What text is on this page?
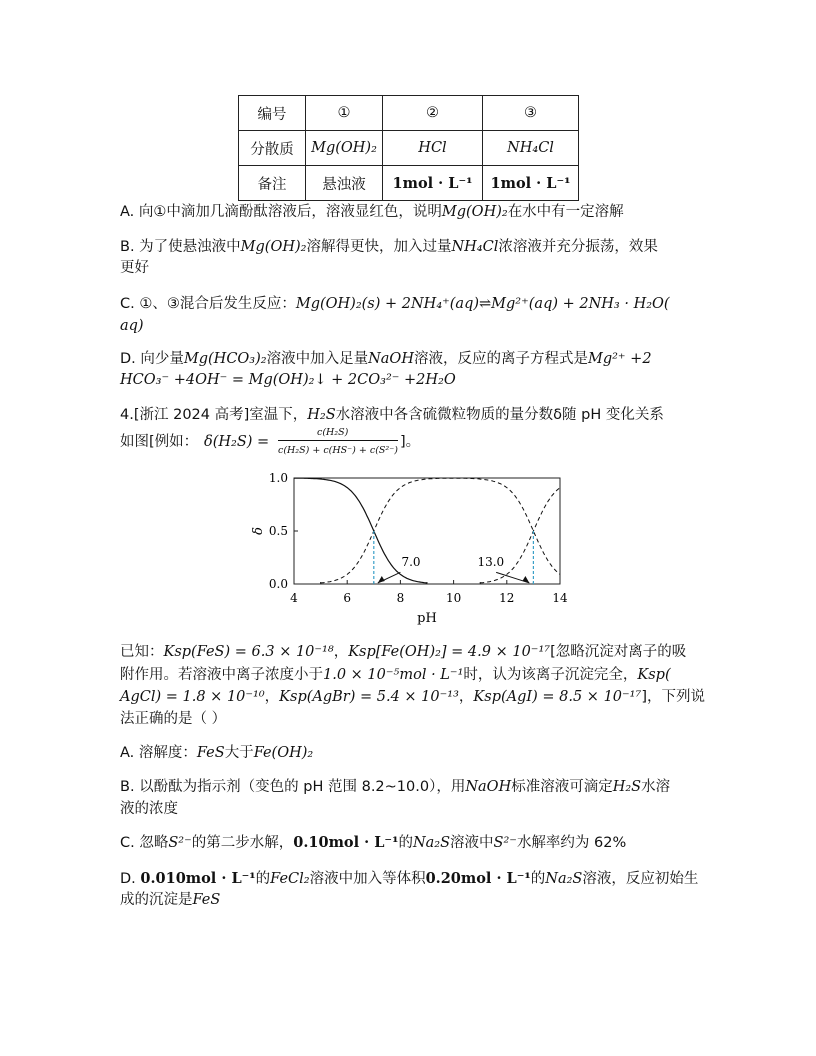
编号	①	②	③
分散质	Mg(OH)₂	HCl	NH₄Cl
备注	悬浊液	1mol · L⁻¹	1mol · L⁻¹
A. 向①中滴加几滴酚酞溶液后，溶液显红色，说明Mg(OH)₂在水中有一定溶解
B. 为了使悬浊液中Mg(OH)₂溶解得更快，加入过量NH₄Cl浓溶液并充分振荡，效果
更好
C. ①、③混合后发生反应：Mg(OH)₂(s) + 2NH₄⁺(aq)⇌Mg²⁺(aq) + 2NH₃ · H₂O(
aq)
D. 向少量Mg(HCO₃)₂溶液中加入足量NaOH溶液，反应的离子方程式是Mg²⁺ +2
HCO₃⁻ +4OH⁻ = Mg(OH)₂↓ + 2CO₃²⁻ +2H₂O
4.[浙江 2024 高考]室温下，H₂S水溶液中各含硫微粒物质的量分数δ随 pH 变化关系
如图[例如： δ(H₂S) =
c(H₂S)
c(H₂S) + c(HS⁻) + c(S²⁻)
]。
4	6	8	10	12	14
0.0
0.5
1.0
pH
δ
7.0	13.0
已知：Ksp(FeS) = 6.3 × 10⁻¹⁸，Ksp[Fe(OH)₂] = 4.9 × 10⁻¹⁷[忽略沉淀对离子的吸
附作用。若溶液中离子浓度小于1.0 × 10⁻⁵mol · L⁻¹时，认为该离子沉淀完全，Ksp(
AgCl) = 1.8 × 10⁻¹⁰，Ksp(AgBr) = 5.4 × 10⁻¹³，Ksp(AgI) = 8.5 × 10⁻¹⁷]，下列说
法正确的是（ ）
A. 溶解度：FeS大于Fe(OH)₂
B. 以酚酞为指示剂（变色的 pH 范围 8.2~10.0），用NaOH标准溶液可滴定H₂S水溶
液的浓度
C. 忽略S²⁻的第二步水解，0.10mol · L⁻¹的Na₂S溶液中S²⁻水解率约为 62%
D. 0.010mol · L⁻¹的FeCl₂溶液中加入等体积0.20mol · L⁻¹的Na₂S溶液，反应初始生
成的沉淀是FeS
